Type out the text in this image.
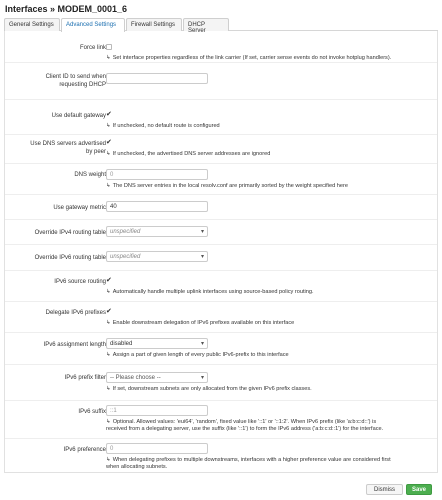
Interfaces » MODEM_0001_6
General Settings	Advanced Settings	Firewall Settings	DHCP Server
Force link
↳ Set interface properties regardless of the link carrier (If set, carrier sense events do not invoke hotplug handlers).
Client ID to send when
requesting DHCP
Use default gateway ✔
↳ If unchecked, no default route is configured
Use DNS servers advertised
by peer
✔
↳ If unchecked, the advertised DNS server addresses are ignored
DNS weight 0
↳ The DNS server entries in the local resolv.conf are primarily sorted by the weight specified here
Use gateway metric 40
Override IPv4 routing table unspecified	▾
Override IPv6 routing table unspecified	▾
IPv6 source routing ✔
↳ Automatically handle multiple uplink interfaces using source-based policy routing.
Delegate IPv6 prefixes ✔
↳ Enable downstream delegation of IPv6 prefixes available on this interface
IPv6 assignment length disabled	▾
↳ Assign a part of given length of every public IPv6-prefix to this interface
IPv6 prefix filter -- Please choose --	▾
↳ If set, downstream subnets are only allocated from the given IPv6 prefix classes.
IPv6 suffix ::1
↳ Optional. Allowed values: 'eui64', 'random', fixed value like '::1' or '::1:2'. When IPv6 prefix (like 'a:b:c:d::') is
received from a delegating server, use the suffix (like '::1') to form the IPv6 address ('a:b:c:d::1') for the interface.
IPv6 preference 0
↳ When delegating prefixes to multiple downstreams, interfaces with a higher preference value are considered first
when allocating subnets.
Dismiss	Save
